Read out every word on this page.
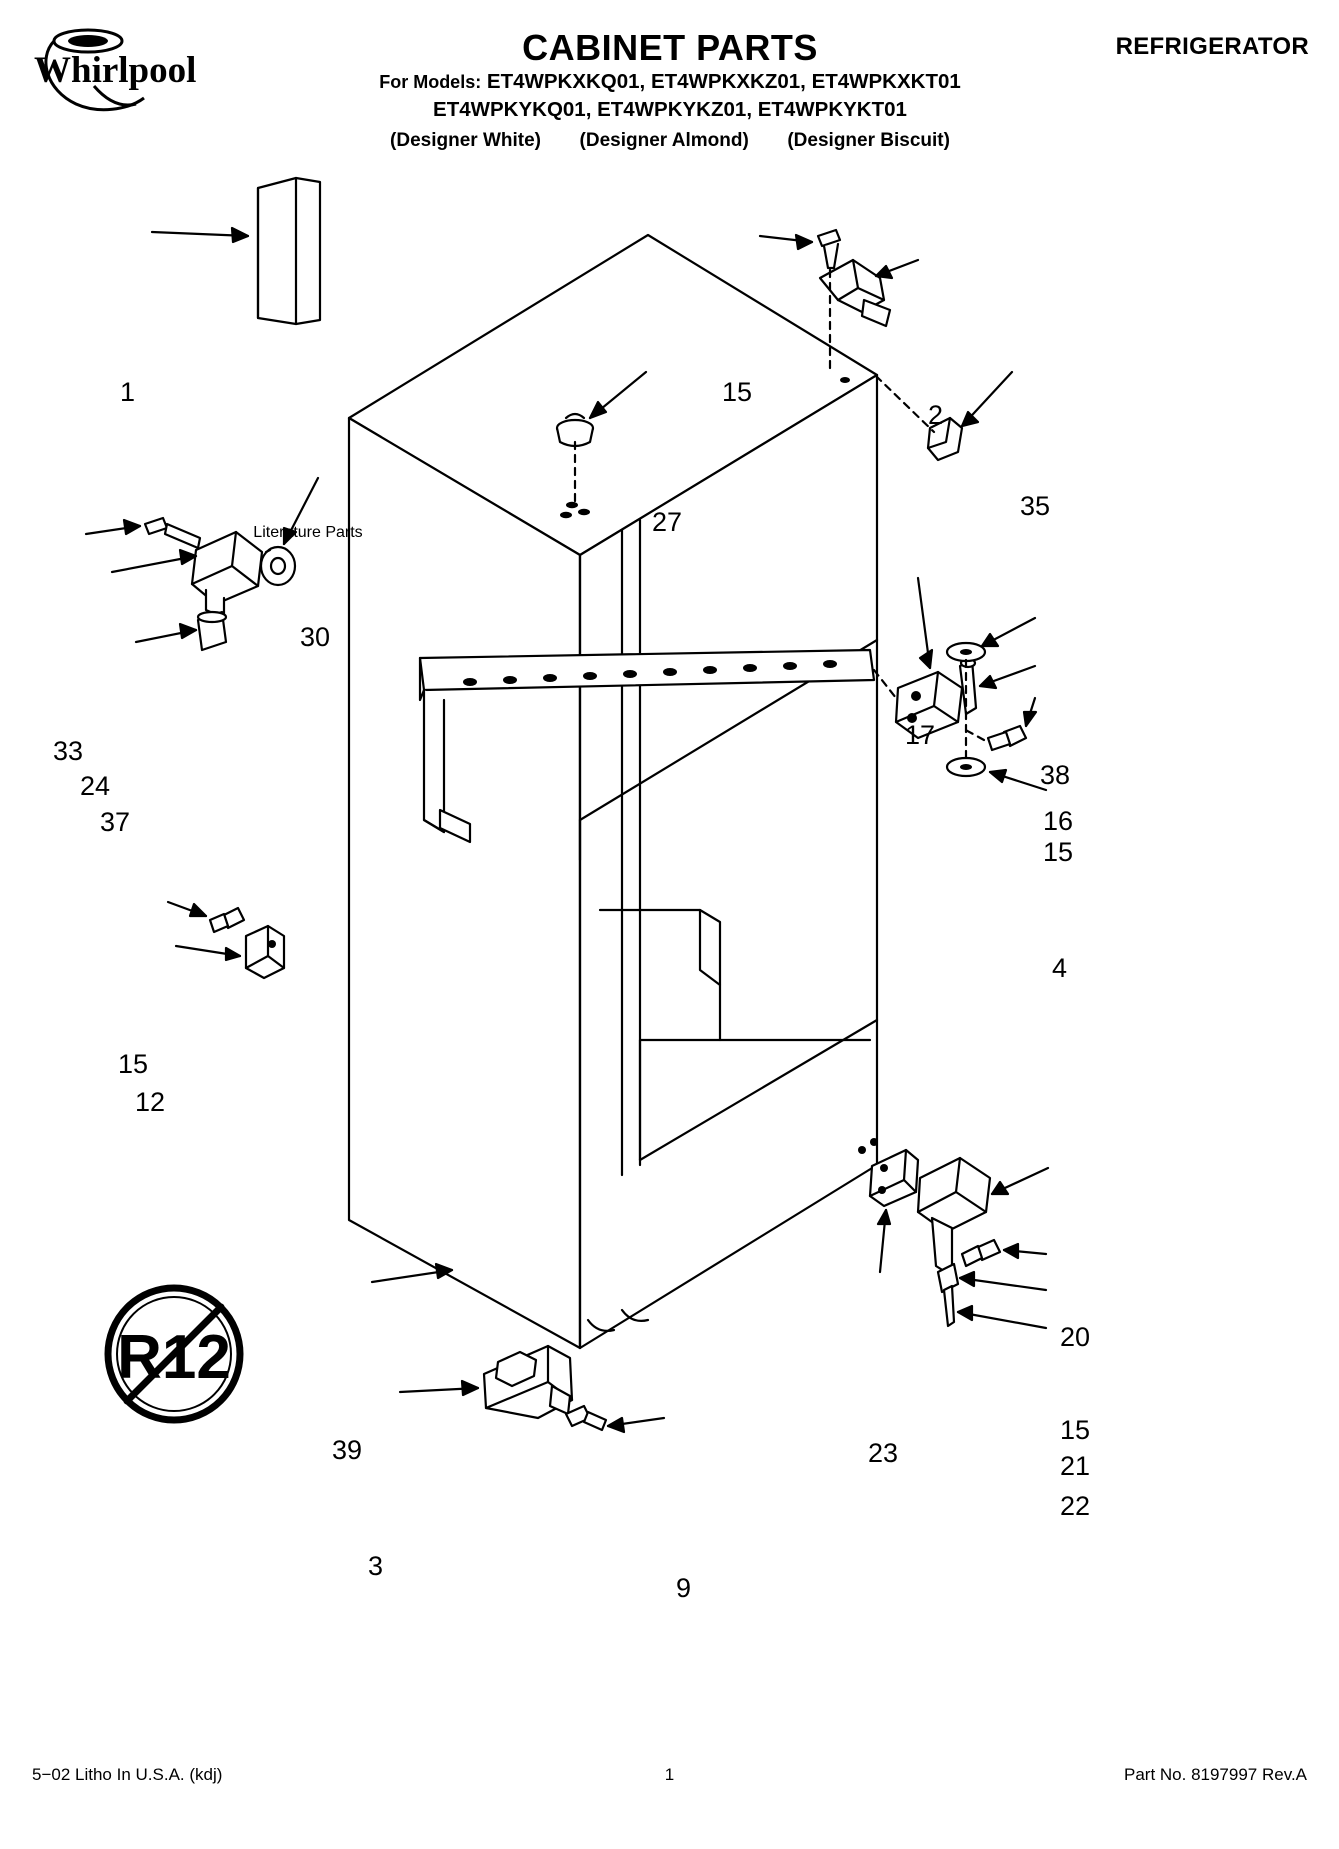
Whirlpool
CABINET PARTS
For Models: ET4WPKXKQ01, ET4WPKXKZ01, ET4WPKXKT01
ET4WPKYKQ01, ET4WPKYKZ01, ET4WPKYKT01
(Designer White) (Designer Almond) (Designer Biscuit)
REFRIGERATOR
R12
Literature Parts
1	15
2
35
27
30
33
24
37
17
38
16
15
4
15
12
20
15
21
22
23
39
3
9
5−02 Litho In U.S.A. (kdj)	1	Part No. 8197997 Rev.A
